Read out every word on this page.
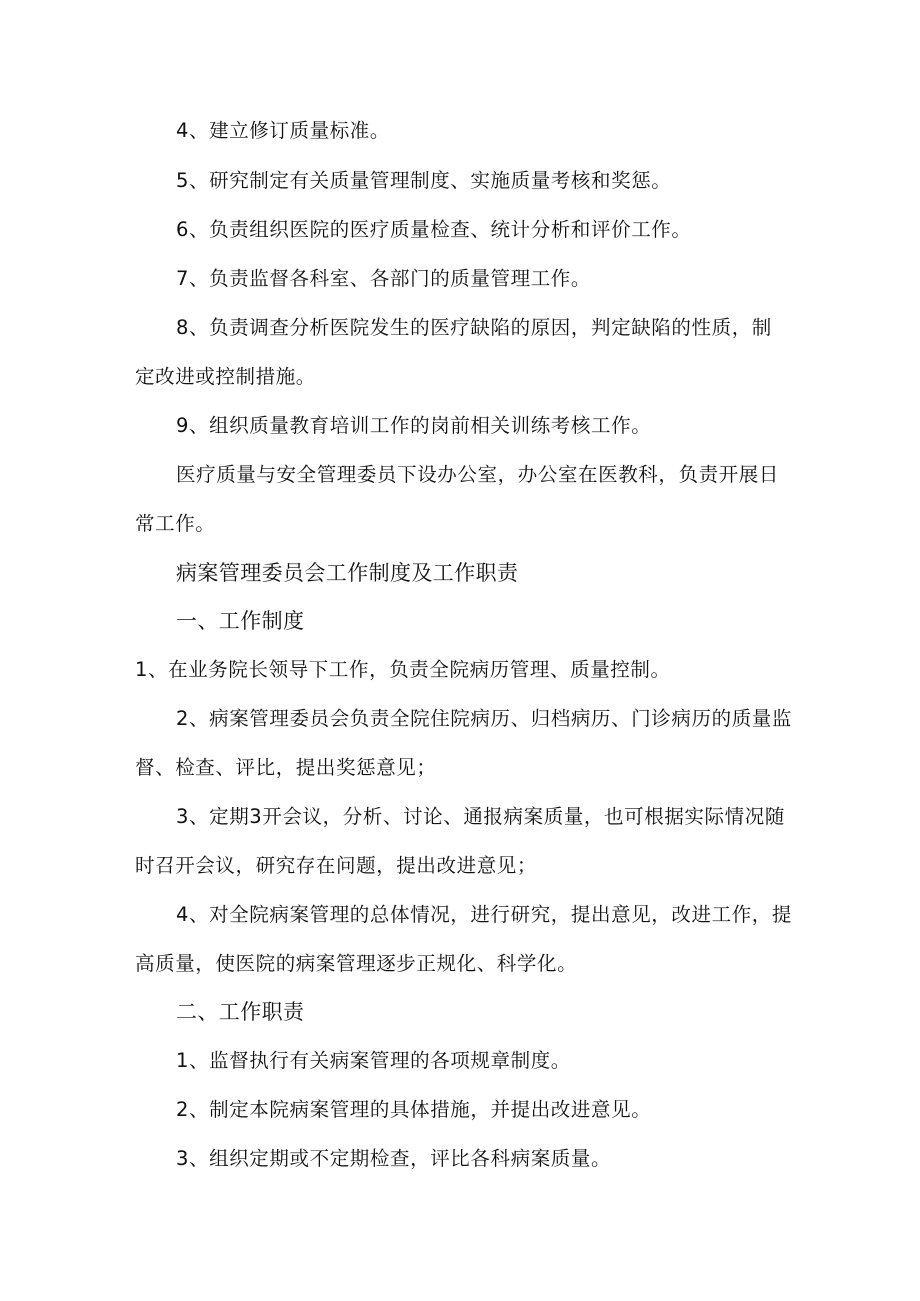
4、建立修订质量标准。
5、研究制定有关质量管理制度、实施质量考核和奖惩。
6、负责组织医院的医疗质量检查、统计分析和评价工作。
7、负责监督各科室、各部门的质量管理工作。
8、负责调查分析医院发生的医疗缺陷的原因，判定缺陷的性质，制
定改进或控制措施。
9、组织质量教育培训工作的岗前相关训练考核工作。
医疗质量与安全管理委员下设办公室，办公室在医教科，负责开展日
常工作。
病案管理委员会工作制度及工作职责
一、工作制度
1、在业务院长领导下工作，负责全院病历管理、质量控制。
2、病案管理委员会负责全院住院病历、归档病历、门诊病历的质量监
督、检查、评比，提出奖惩意见；
3、定期3开会议，分析、讨论、通报病案质量，也可根据实际情况随
时召开会议，研究存在问题，提出改进意见；
4、对全院病案管理的总体情况，进行研究，提出意见，改进工作，提
高质量，使医院的病案管理逐步正规化、科学化。
二、工作职责
1、监督执行有关病案管理的各项规章制度。
2、制定本院病案管理的具体措施，并提出改进意见。
3、组织定期或不定期检查，评比各科病案质量。
